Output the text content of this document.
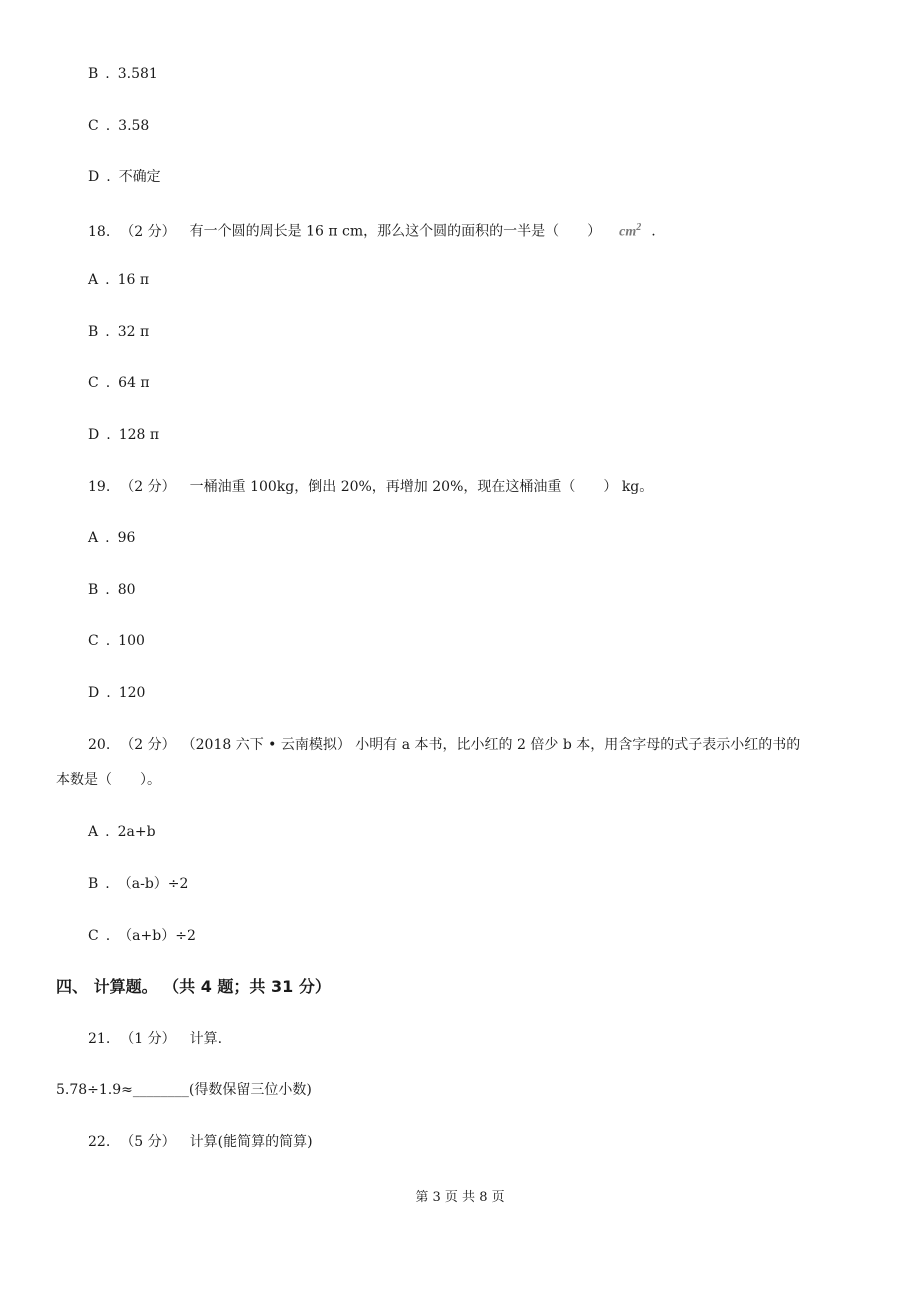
B . 3.581
C . 3.58
D . 不确定
18. （2 分） 有一个圆的周长是 16 π cm，那么这个圆的面积的一半是（　　） $cm^2$ .
A . 16 π
B . 32 π
C . 64 π
D . 128 π
19. （2 分） 一桶油重 100kg，倒出 20%，再增加 20%，现在这桶油重（　　） kg。
A . 96
B . 80
C . 100
D . 120
20. （2 分） （2018 六下 • 云南模拟） 小明有 a 本书，比小红的 2 倍少 b 本，用含字母的式子表示小红的书的
本数是（　　）。
A . 2a+b
B . （a-b）÷2
C . （a+b）÷2
四、 计算题。 （共 4 题；共 31 分）
21. （1 分） 计算.
5.78÷1.9≈________(得数保留三位小数)
22. （5 分） 计算(能简算的简算)
第 3 页 共 8 页
